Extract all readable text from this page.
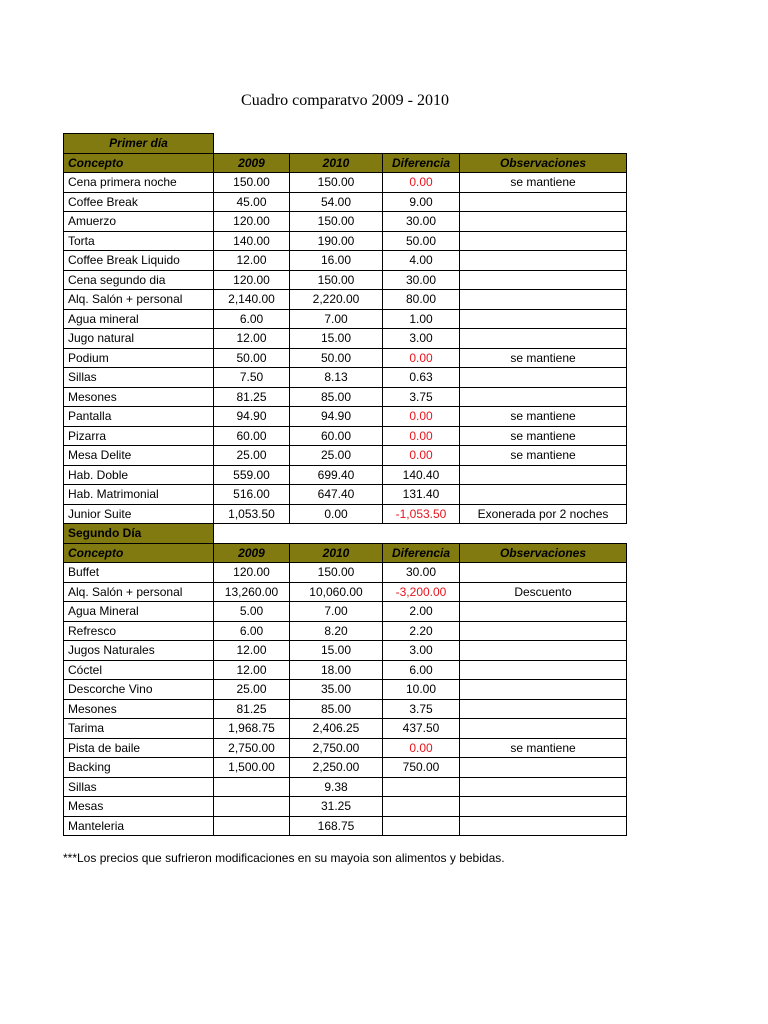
Cuadro comparatvo 2009 - 2010
Primer día				
Concepto	2009	2010	Diferencia	Observaciones
Cena primera noche	150.00	150.00	0.00	se mantiene
Coffee Break	45.00	54.00	9.00	
Amuerzo	120.00	150.00	30.00	
Torta	140.00	190.00	50.00	
Coffee Break Liquido	12.00	16.00	4.00	
Cena segundo dia	120.00	150.00	30.00	
Alq. Salón + personal	2,140.00	2,220.00	80.00	
Agua mineral	6.00	7.00	1.00	
Jugo natural	12.00	15.00	3.00	
Podium	50.00	50.00	0.00	se mantiene
Sillas	7.50	8.13	0.63	
Mesones	81.25	85.00	3.75	
Pantalla	94.90	94.90	0.00	se mantiene
Pizarra	60.00	60.00	0.00	se mantiene
Mesa Delite	25.00	25.00	0.00	se mantiene
Hab. Doble	559.00	699.40	140.40	
Hab. Matrimonial	516.00	647.40	131.40	
Junior Suite	1,053.50	0.00	-1,053.50	Exonerada por 2 noches
Segundo Día				
Concepto	2009	2010	Diferencia	Observaciones
Buffet	120.00	150.00	30.00	
Alq. Salón + personal	13,260.00	10,060.00	-3,200.00	Descuento
Agua Mineral	5.00	7.00	2.00	
Refresco	6.00	8.20	2.20	
Jugos Naturales	12.00	15.00	3.00	
Cóctel	12.00	18.00	6.00	
Descorche Vino	25.00	35.00	10.00	
Mesones	81.25	85.00	3.75	
Tarima	1,968.75	2,406.25	437.50	
Pista de baile	2,750.00	2,750.00	0.00	se mantiene
Backing	1,500.00	2,250.00	750.00	
Sillas		9.38		
Mesas		31.25		
Manteleria		168.75		
***Los precios que sufrieron modificaciones en su mayoia son alimentos y bebidas.
